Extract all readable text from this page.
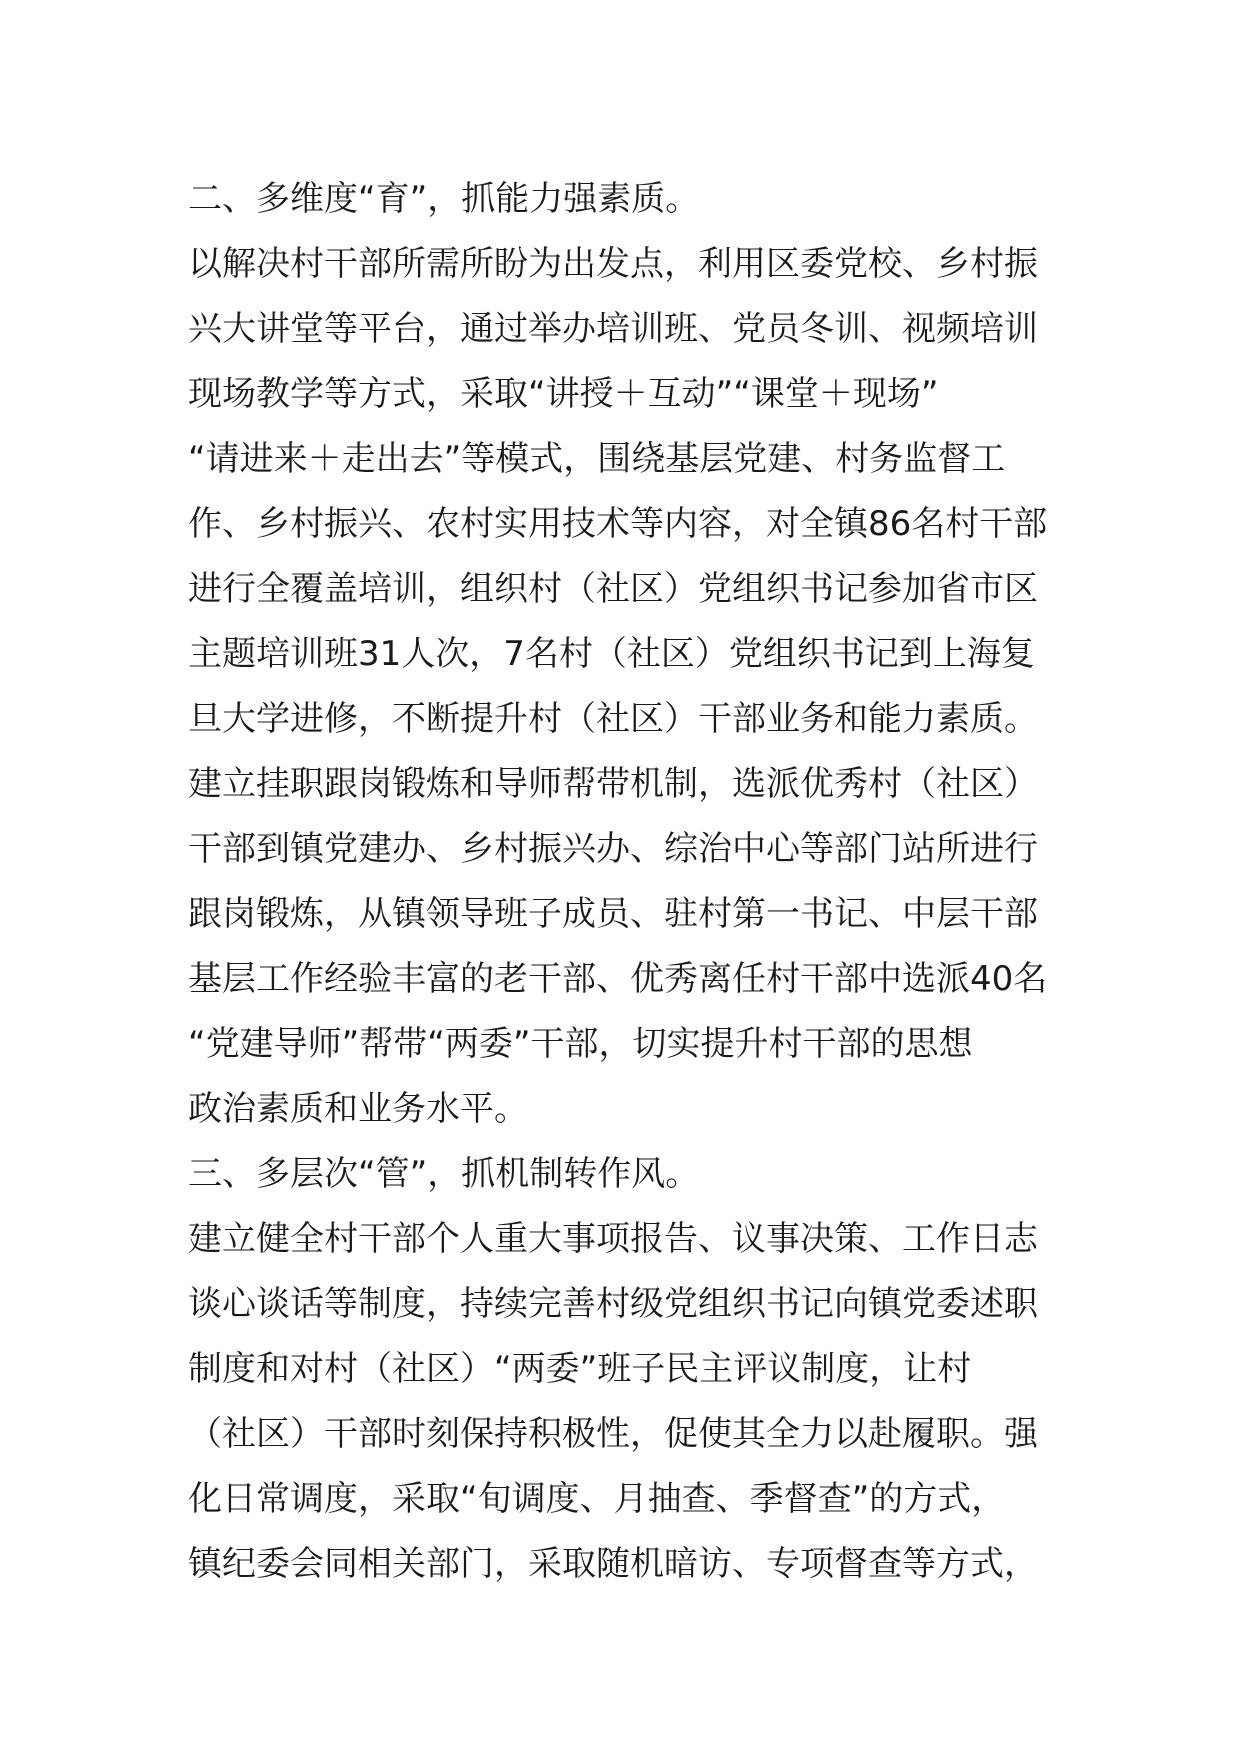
二、多维度“育”，抓能力强素质。
以解决村干部所需所盼为出发点，利用区委党校、乡村振
兴大讲堂等平台，通过举办培训班、党员冬训、视频培训
现场教学等方式，采取“讲授＋互动”“课堂＋现场”
“请进来＋走出去”等模式，围绕基层党建、村务监督工
作、乡村振兴、农村实用技术等内容，对全镇86名村干部
进行全覆盖培训，组织村（社区）党组织书记参加省市区
主题培训班31人次，7名村（社区）党组织书记到上海复
旦大学进修，不断提升村（社区）干部业务和能力素质。
建立挂职跟岗锻炼和导师帮带机制，选派优秀村（社区）
干部到镇党建办、乡村振兴办、综治中心等部门站所进行
跟岗锻炼，从镇领导班子成员、驻村第一书记、中层干部
基层工作经验丰富的老干部、优秀离任村干部中选派40名
“党建导师”帮带“两委”干部，切实提升村干部的思想
政治素质和业务水平。
三、多层次“管”，抓机制转作风。
建立健全村干部个人重大事项报告、议事决策、工作日志
谈心谈话等制度，持续完善村级党组织书记向镇党委述职
制度和对村（社区）“两委”班子民主评议制度，让村
（社区）干部时刻保持积极性，促使其全力以赴履职。强
化日常调度，采取“旬调度、月抽查、季督查”的方式，
镇纪委会同相关部门，采取随机暗访、专项督查等方式，
